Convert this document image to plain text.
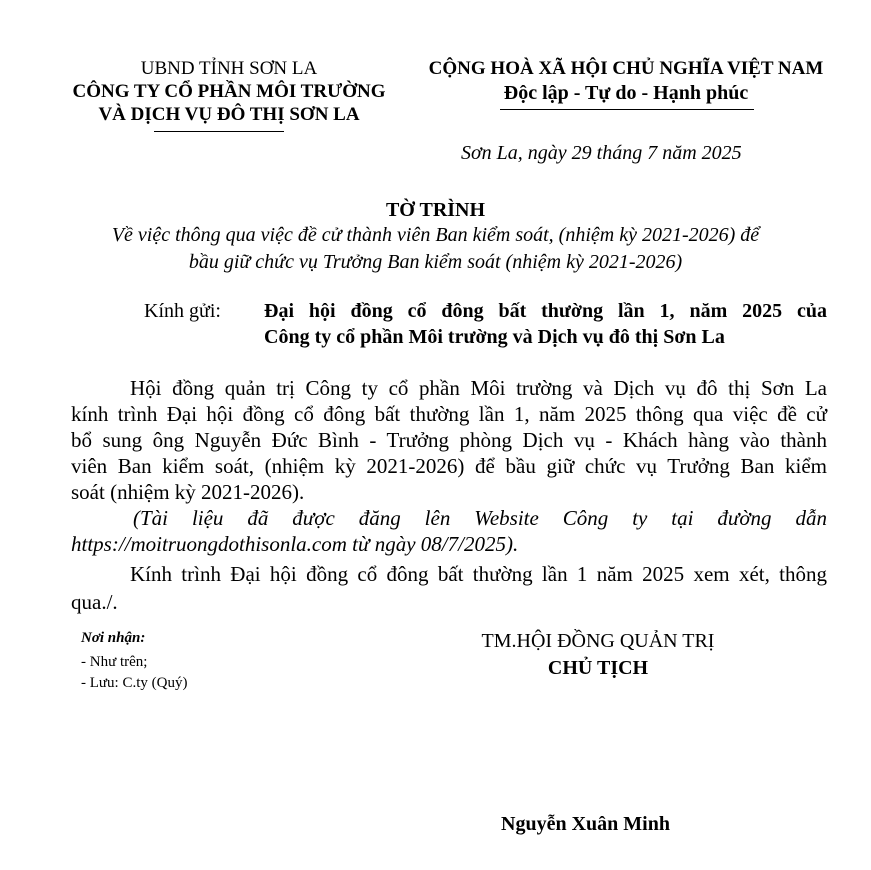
UBND TỈNH SƠN LA
CÔNG TY CỔ PHẦN MÔI TRƯỜNG
VÀ DỊCH VỤ ĐÔ THỊ SƠN LA
CỘNG HOÀ XÃ HỘI CHỦ NGHĨA VIỆT NAM
Độc lập - Tự do - Hạnh phúc
Sơn La, ngày 29 tháng 7 năm 2025
TỜ TRÌNH
Về việc thông qua việc đề cử thành viên Ban kiểm soát, (nhiệm kỳ 2021-2026) để
bầu giữ chức vụ Trưởng Ban kiểm soát (nhiệm kỳ 2021-2026)
Kính gửi: Đại hội đồng cổ đông bất thường lần 1, năm 2025 của
Công ty cổ phần Môi trường và Dịch vụ đô thị Sơn La
Hội đồng quản trị Công ty cổ phần Môi trường và Dịch vụ đô thị Sơn La
kính trình Đại hội đồng cổ đông bất thường lần 1, năm 2025 thông qua việc đề cử
bổ sung ông Nguyễn Đức Bình - Trưởng phòng Dịch vụ - Khách hàng vào thành
viên Ban kiểm soát, (nhiệm kỳ 2021-2026) để bầu giữ chức vụ Trưởng Ban kiểm
soát (nhiệm kỳ 2021-2026).
(Tài liệu đã được đăng lên Website Công ty tại đường dẫn
https://moitruongdothisonla.com từ ngày 08/7/2025).
Kính trình Đại hội đồng cổ đông bất thường lần 1 năm 2025 xem xét, thông
qua./.
Nơi nhận:
- Như trên;
- Lưu: C.ty (Quý)
TM.HỘI ĐỒNG QUẢN TRỊ
CHỦ TỊCH
Nguyễn Xuân Minh
